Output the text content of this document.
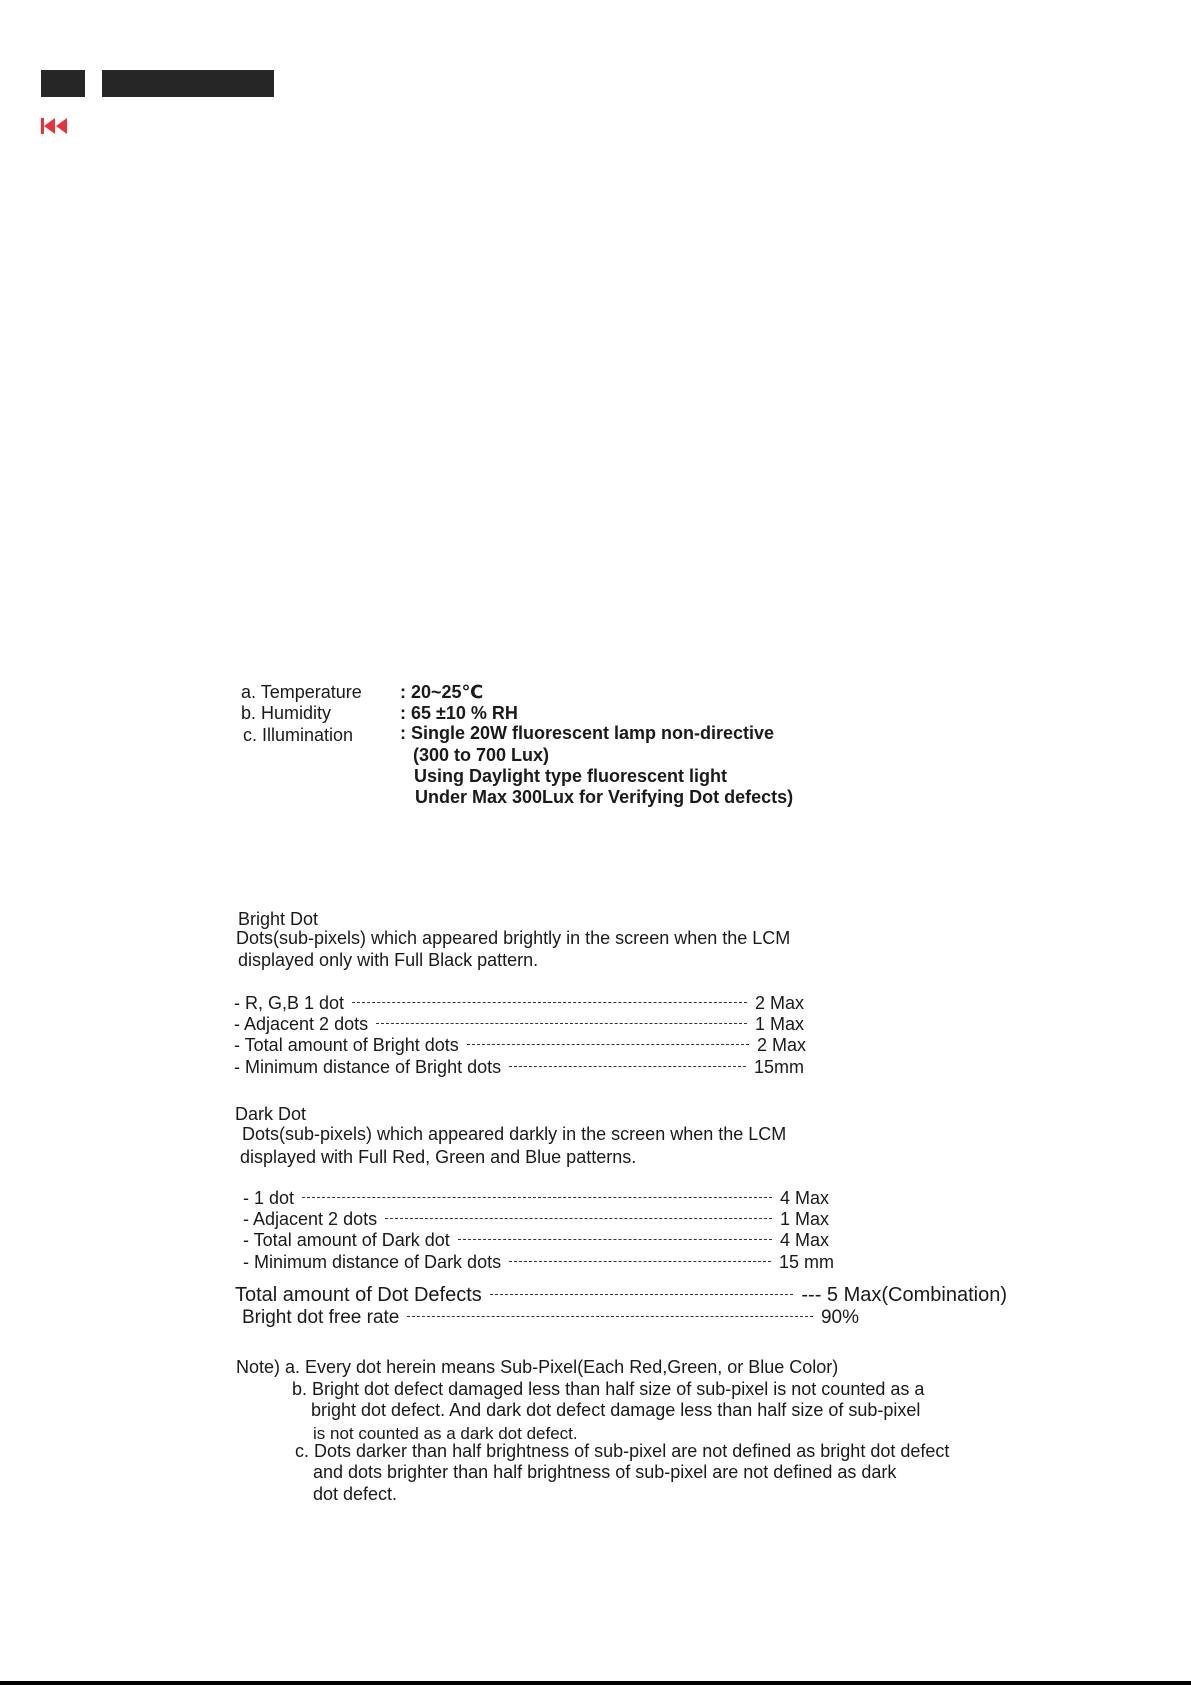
a. Temperature : 20~25℃
b. Humidity	: 65 ±10 % RH
c. Illumination	: Single 20W fluorescent lamp non-directive
(300 to 700 Lux)
Using Daylight type fluorescent light
Under Max 300Lux for Verifying Dot defects)
Bright Dot
Dots(sub-pixels) which appeared brightly in the screen when the LCM
displayed only with Full Black pattern.
- R, G,B 1 dot	2 Max
- Adjacent 2 dots	1 Max
- Total amount of Bright dots	2 Max
- Minimum distance of Bright dots	15mm
Dark Dot
Dots(sub-pixels) which appeared darkly in the screen when the LCM
displayed with Full Red, Green and Blue patterns.
- 1 dot	4 Max
- Adjacent 2 dots	1 Max
- Total amount of Dark dot	4 Max
- Minimum distance of Dark dots	15 mm
Total amount of Dot Defects	--- 5 Max(Combination)
Bright dot free rate	90%
Note) a. Every dot herein means Sub-Pixel(Each Red,Green, or Blue Color)
b. Bright dot defect damaged less than half size of sub-pixel is not counted as a
bright dot defect. And dark dot defect damage less than half size of sub-pixel
is not counted as a dark dot defect.
c. Dots darker than half brightness of sub-pixel are not defined as bright dot defect
and dots brighter than half brightness of sub-pixel are not defined as dark
dot defect.
